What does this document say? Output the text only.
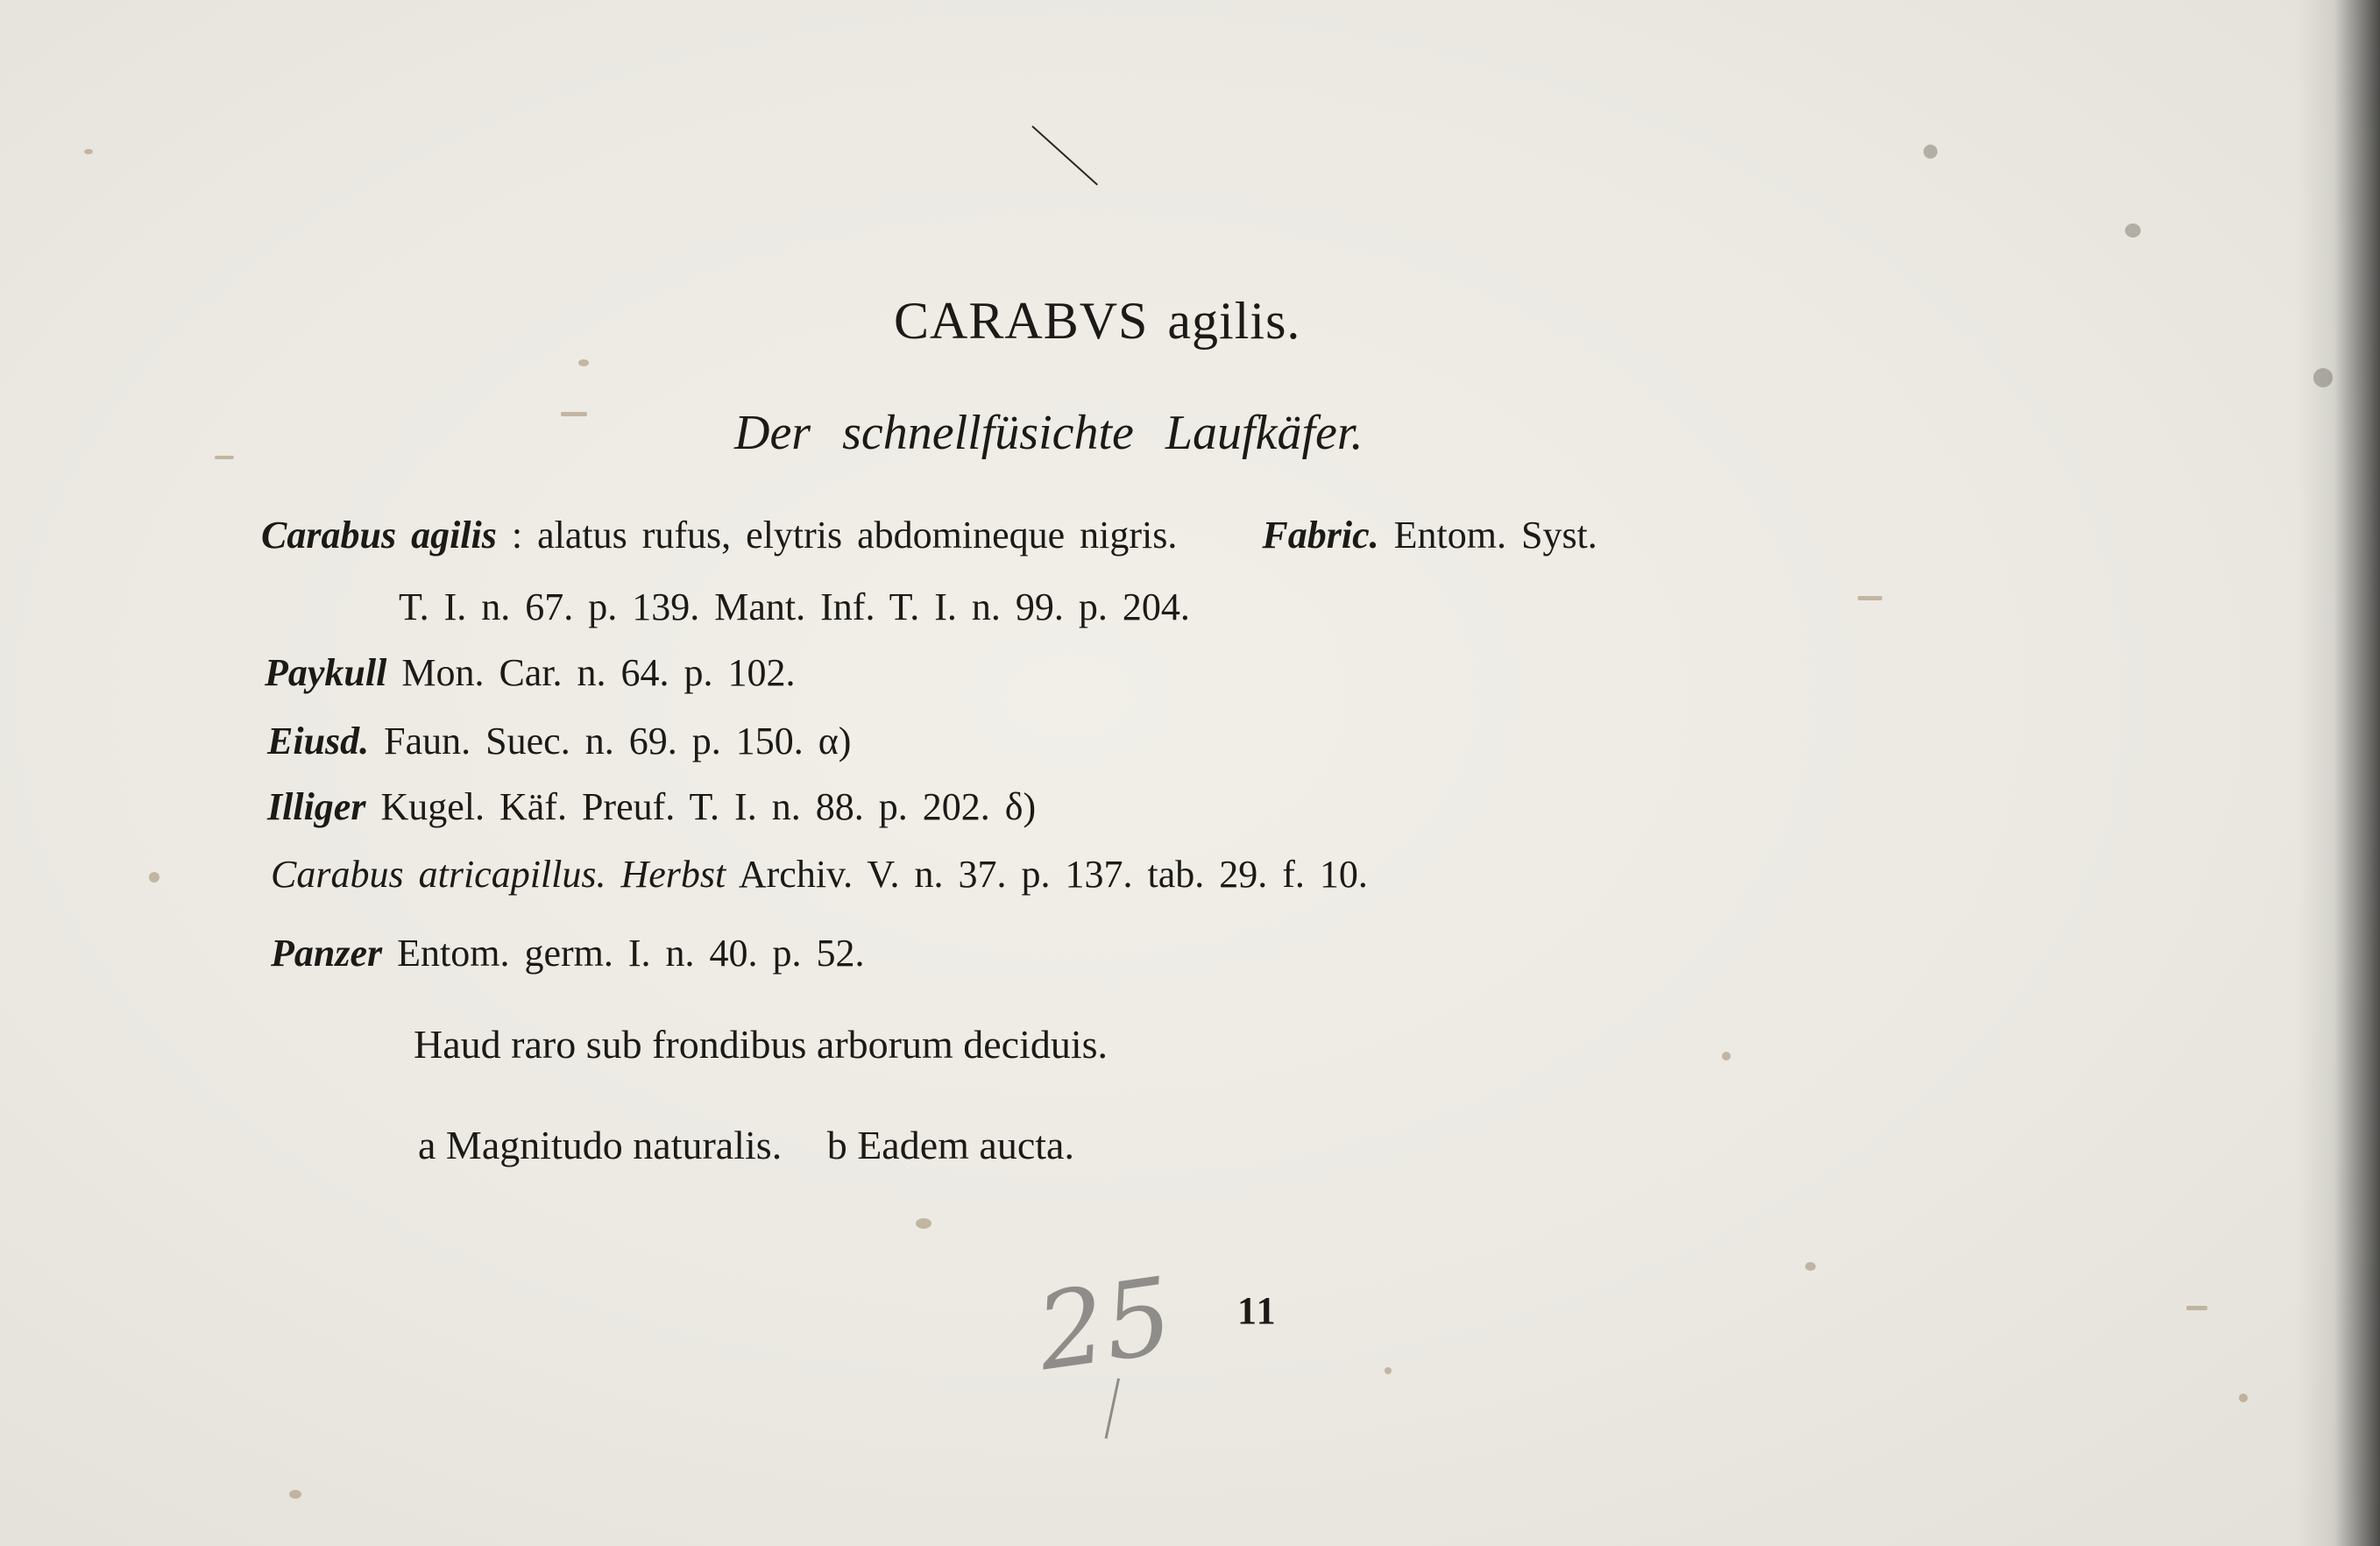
CARABVS agilis.
Der schnellfüsichte Laufkäfer.
Carabus agilis : alatus rufus, elytris abdomineque nigris. Fabric. Entom. Syst.
T. I. n. 67. p. 139. Mant. Inf. T. I. n. 99. p. 204.
Paykull Mon. Car. n. 64. p. 102.
Eiusd. Faun. Suec. n. 69. p. 150. α)
Illiger Kugel. Käf. Preuf. T. I. n. 88. p. 202. δ)
Carabus atricapillus. Herbst Archiv. V. n. 37. p. 137. tab. 29. f. 10.
Panzer Entom. germ. I. n. 40. p. 52.
Haud raro sub frondibus arborum deciduis.
a Magnitudo naturalis. b Eadem aucta.
25	11
